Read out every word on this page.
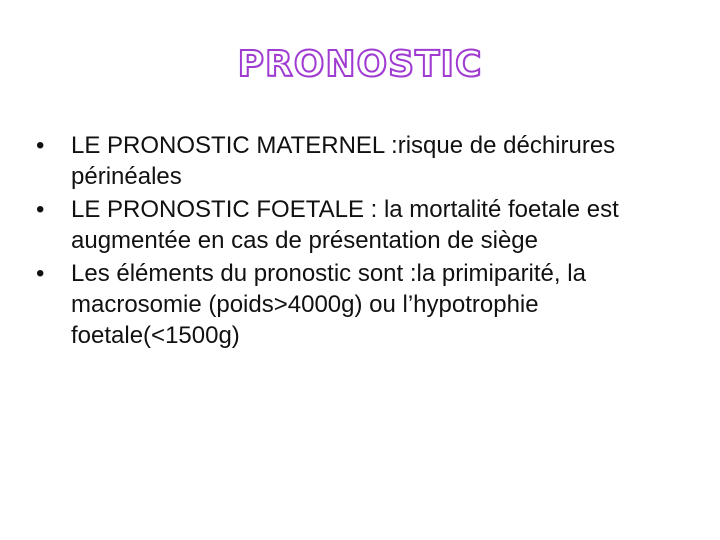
PRONOSTIC
•	LE PRONOSTIC MATERNEL :risque de déchirures périnéales
•	LE PRONOSTIC FOETALE : la mortalité foetale est augmentée en cas de présentation de siège
•	Les éléments du pronostic sont :la primiparité, la macrosomie (poids>4000g) ou l’hypotrophie foetale(<1500g)
